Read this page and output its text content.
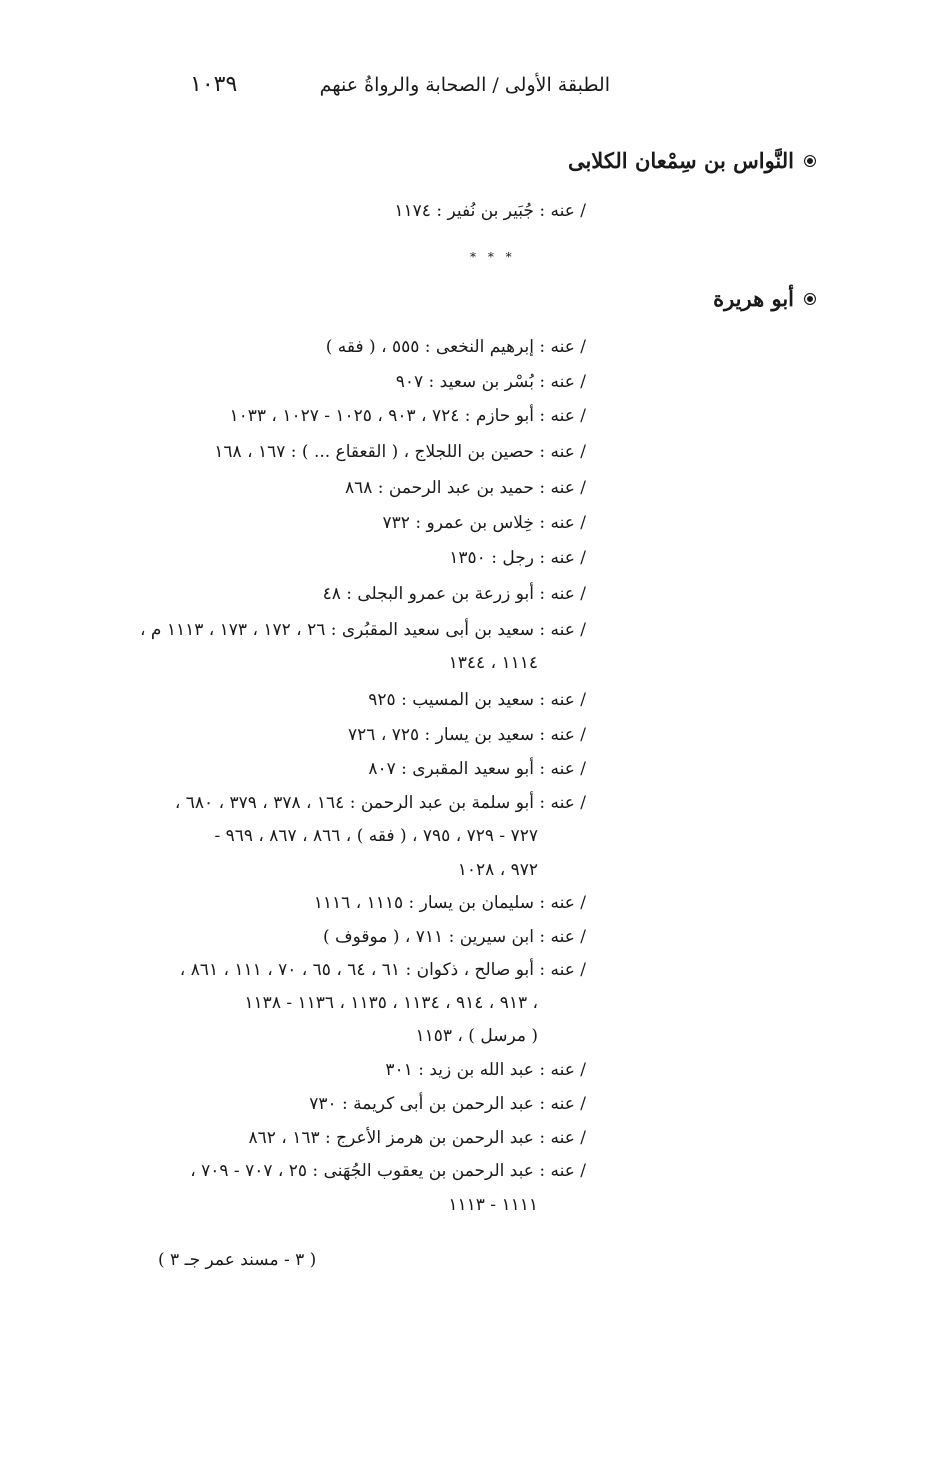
١٠٣٩	الطبقة الأولى / الصحابة والرواةُ عنهم
النَّواس بن سِمْعان الكلابى
/ عنه : جُبَير بن نُفير : ١١٧٤
* * *
أبو هريرة
/ عنه : إبرهيم النخعى : ٥٥٥ ، ( فقه )
/ عنه : بُسْر بن سعيد : ٩٠٧
/ عنه : أبو حازم : ٧٢٤ ، ٩٠٣ ، ١٠٢٥ - ١٠٢٧ ، ١٠٣٣
/ عنه : حصين بن اللجلاج ، ( القعقاع ... ) : ١٦٧ ، ١٦٨
/ عنه : حميد بن عبد الرحمن : ٨٦٨
/ عنه : خِلاس بن عمرو : ٧٣٢
/ عنه : رجل : ١٣٥٠
/ عنه : أبو زرعة بن عمرو البجلى : ٤٨
/ عنه : سعيد بن أبى سعيد المقبُرى : ٢٦ ، ١٧٢ ، ١٧٣ ، ١١١٣ م ،
١١١٤ ، ١٣٤٤
/ عنه : سعيد بن المسيب : ٩٢٥
/ عنه : سعيد بن يسار : ٧٢٥ ، ٧٢٦
/ عنه : أبو سعيد المقبرى : ٨٠٧
/ عنه : أبو سلمة بن عبد الرحمن : ١٦٤ ، ٣٧٨ ، ٣٧٩ ، ٦٨٠ ،
٧٢٧ - ٧٢٩ ، ٧٩٥ ، ( فقه ) ، ٨٦٦ ، ٨٦٧ ، ٩٦٩ -
٩٧٢ ، ١٠٢٨
/ عنه : سليمان بن يسار : ١١١٥ ، ١١١٦
/ عنه : ابن سيرين : ٧١١ ، ( موقوف )
/ عنه : أبو صالح ، ذكوان : ٦١ ، ٦٤ ، ٦٥ ، ٧٠ ، ١١١ ، ٨٦١ ،
٩١٣ ، ٩١٤ ، ١١٣٤ ، ١١٣٥ ، ١١٣٦ - ١١٣٨ ،
( مرسل ) ، ١١٥٣
/ عنه : عبد الله بن زيد : ٣٠١
/ عنه : عبد الرحمن بن أبى كريمة : ٧٣٠
/ عنه : عبد الرحمن بن هرمز الأعرج : ١٦٣ ، ٨٦٢
/ عنه : عبد الرحمن بن يعقوب الجُهَنى : ٢٥ ، ٧٠٧ - ٧٠٩ ،
١١١١ - ١١١٣
( ٣ - مسند عمر جـ ٣ )
